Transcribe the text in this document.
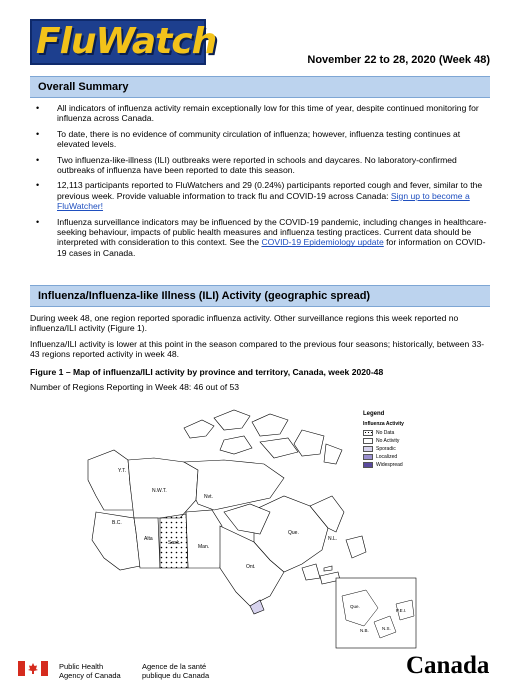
FluWatch	November 22 to 28, 2020 (Week 48)
Overall Summary
• All indicators of influenza activity remain exceptionally low for this time of year, despite continued monitoring for influenza across Canada.
• To date, there is no evidence of community circulation of influenza; however, influenza testing continues at elevated levels.
• Two influenza-like-illness (ILI) outbreaks were reported in schools and daycares. No laboratory-confirmed outbreaks of influenza have been reported to date this season.
• 12,113 participants reported to FluWatchers and 29 (0.24%) participants reported cough and fever, similar to the previous week. Provide valuable information to track flu and COVID-19 across Canada: Sign up to become a FluWatcher!
• Influenza surveillance indicators may be influenced by the COVID-19 pandemic, including changes in healthcare-seeking behaviour, impacts of public health measures and influenza testing practices. Current data should be interpreted with consideration to this context. See the COVID-19 Epidemiology update for information on COVID-19 cases in Canada.
Influenza/Influenza-like Illness (ILI) Activity (geographic spread)
During week 48, one region reported sporadic influenza activity. Other surveillance regions this week reported no influenza/ILI activity (Figure 1).
Influenza/ILI activity is lower at this point in the season compared to the previous four seasons; historically, between 33-43 regions reported activity in week 48.
Figure 1 – Map of influenza/ILI activity by province and territory, Canada, week 2020-48
Number of Regions Reporting in Week 48: 46 out of 53
Y.T.
N.W.T.
Nvt.
B.C.
Alta
Sask.
Man.
Ont.
Que.
N.L.
Que.
P.E.I.
N.S.
N.B.
Legend
Influenza Activity
No Data
No Activity
Sporadic
Localized
Widespread
Public Health
Agency of Canada
Agence de la santé
publique du Canada	Canada
